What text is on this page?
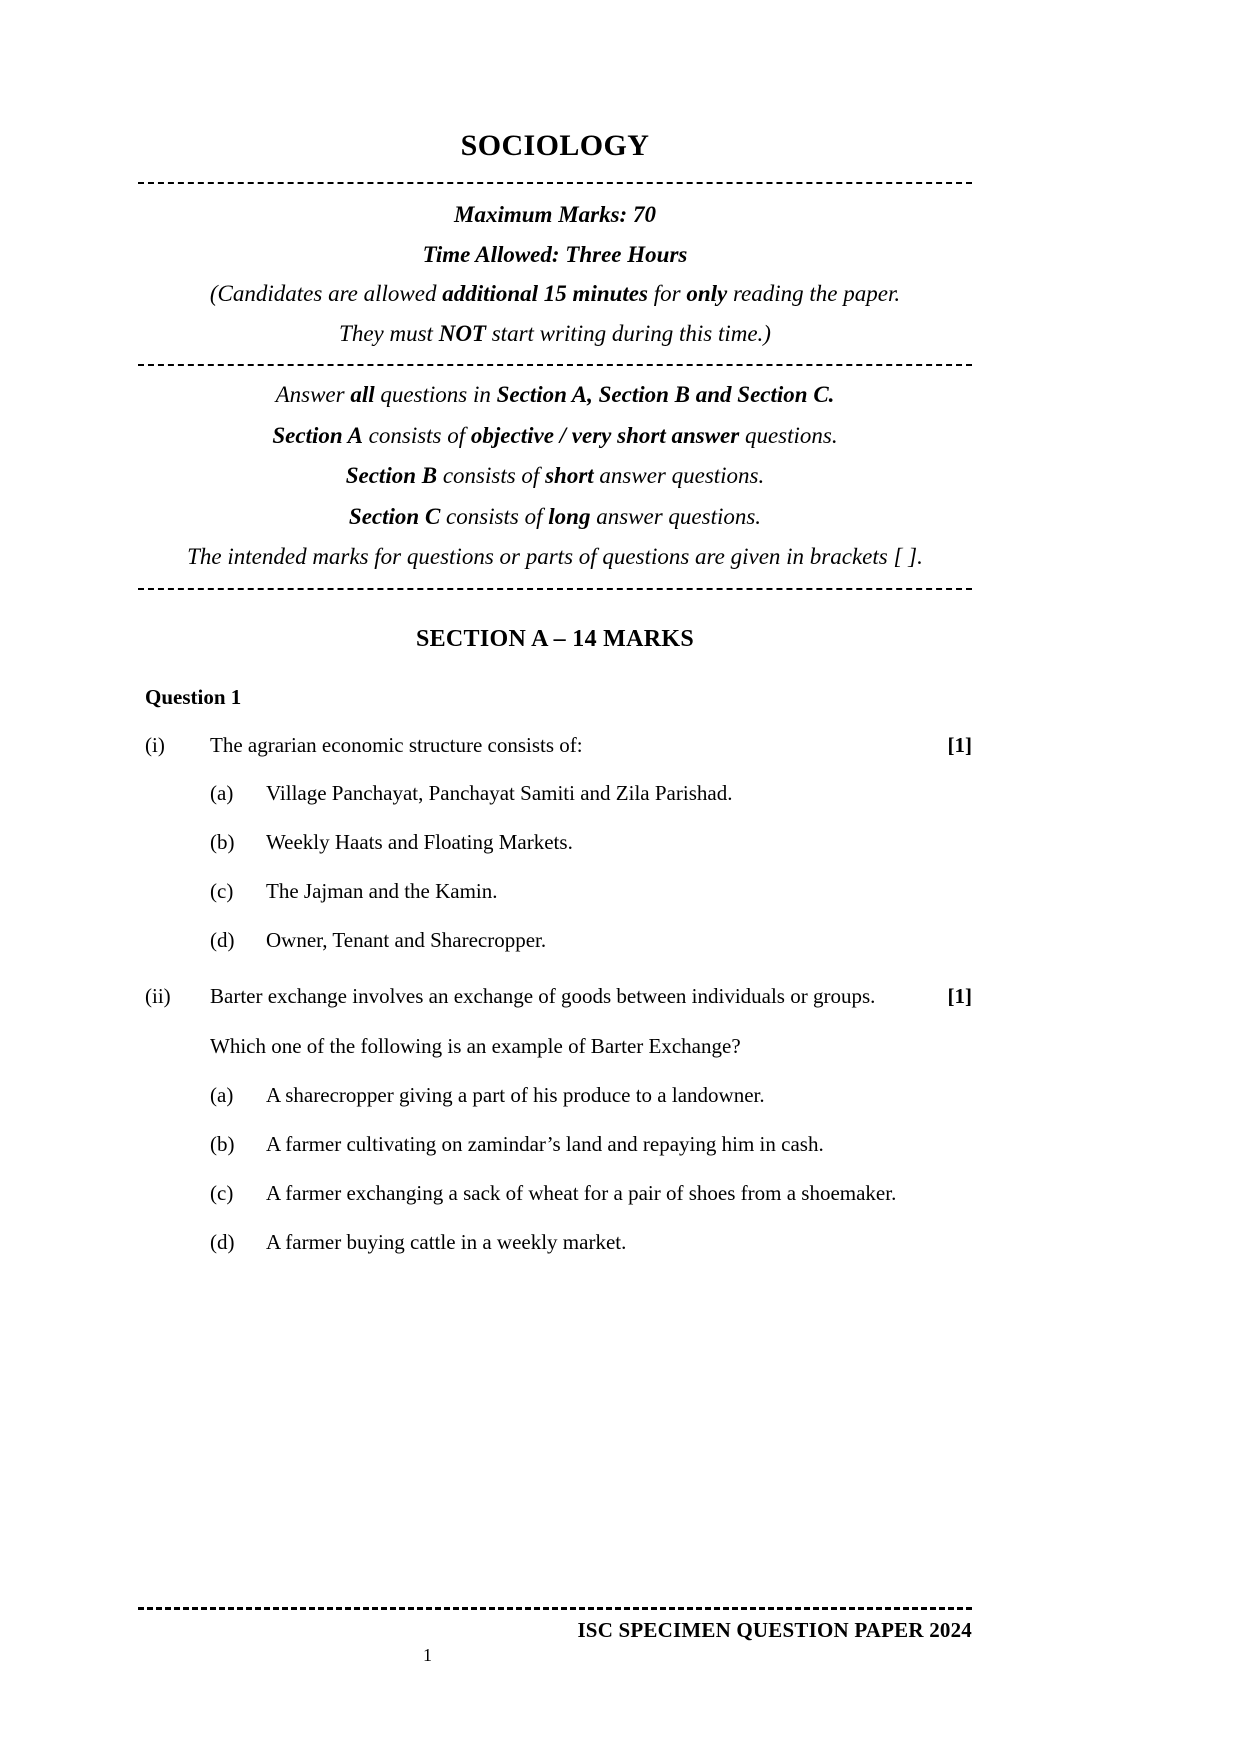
SOCIOLOGY
Maximum Marks: 70
Time Allowed: Three Hours
(Candidates are allowed additional 15 minutes for only reading the paper.
They must NOT start writing during this time.)
Answer all questions in Section A, Section B and Section C.
Section A consists of objective / very short answer questions.
Section B consists of short answer questions.
Section C consists of long answer questions.
The intended marks for questions or parts of questions are given in brackets [ ].
SECTION A – 14 MARKS
Question 1
(i)	The agrarian economic structure consists of:	[1]
(a)	Village Panchayat, Panchayat Samiti and Zila Parishad.
(b)	Weekly Haats and Floating Markets.
(c)	The Jajman and the Kamin.
(d)	Owner, Tenant and Sharecropper.
(ii)	Barter exchange involves an exchange of goods between individuals or groups.	[1]
Which one of the following is an example of Barter Exchange?
(a)	A sharecropper giving a part of his produce to a landowner.
(b)	A farmer cultivating on zamindar’s land and repaying him in cash.
(c)	A farmer exchanging a sack of wheat for a pair of shoes from a shoemaker.
(d)	A farmer buying cattle in a weekly market.
ISC SPECIMEN QUESTION PAPER 2024
1
